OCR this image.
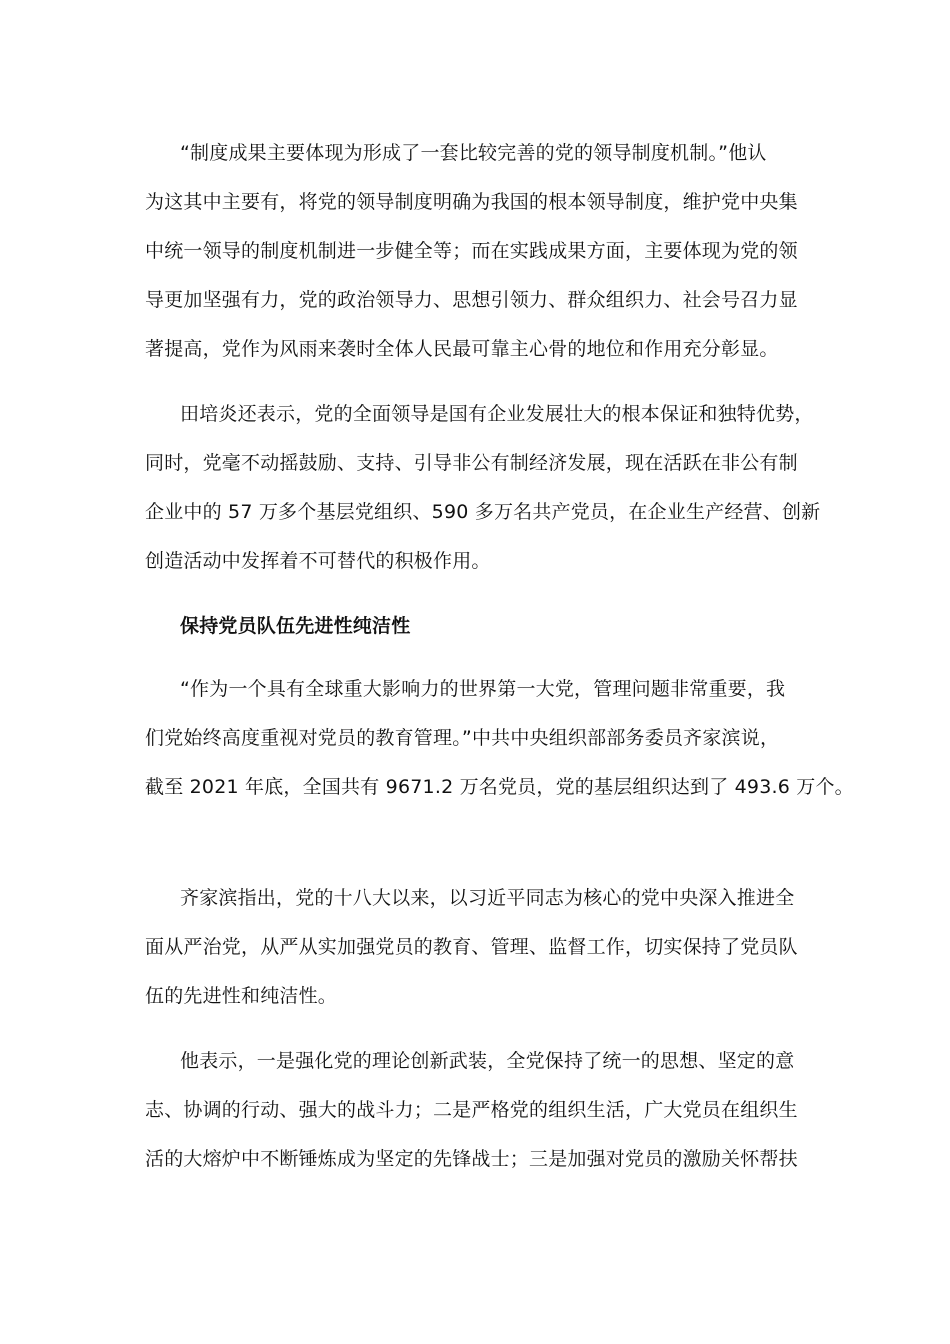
“制度成果主要体现为形成了一套比较完善的党的领导制度机制。”他认
为这其中主要有，将党的领导制度明确为我国的根本领导制度，维护党中央集
中统一领导的制度机制进一步健全等；而在实践成果方面，主要体现为党的领
导更加坚强有力，党的政治领导力、思想引领力、群众组织力、社会号召力显
著提高，党作为风雨来袭时全体人民最可靠主心骨的地位和作用充分彰显。
田培炎还表示，党的全面领导是国有企业发展壮大的根本保证和独特优势，
同时，党毫不动摇鼓励、支持、引导非公有制经济发展，现在活跃在非公有制
企业中的 57 万多个基层党组织、590 多万名共产党员，在企业生产经营、创新
创造活动中发挥着不可替代的积极作用。
保持党员队伍先进性纯洁性
“作为一个具有全球重大影响力的世界第一大党，管理问题非常重要，我
们党始终高度重视对党员的教育管理。”中共中央组织部部务委员齐家滨说，
截至 2021 年底，全国共有 9671.2 万名党员，党的基层组织达到了 493.6 万个。
齐家滨指出，党的十八大以来，以习近平同志为核心的党中央深入推进全
面从严治党，从严从实加强党员的教育、管理、监督工作，切实保持了党员队
伍的先进性和纯洁性。
他表示，一是强化党的理论创新武装，全党保持了统一的思想、坚定的意
志、协调的行动、强大的战斗力；二是严格党的组织生活，广大党员在组织生
活的大熔炉中不断锤炼成为坚定的先锋战士；三是加强对党员的激励关怀帮扶
